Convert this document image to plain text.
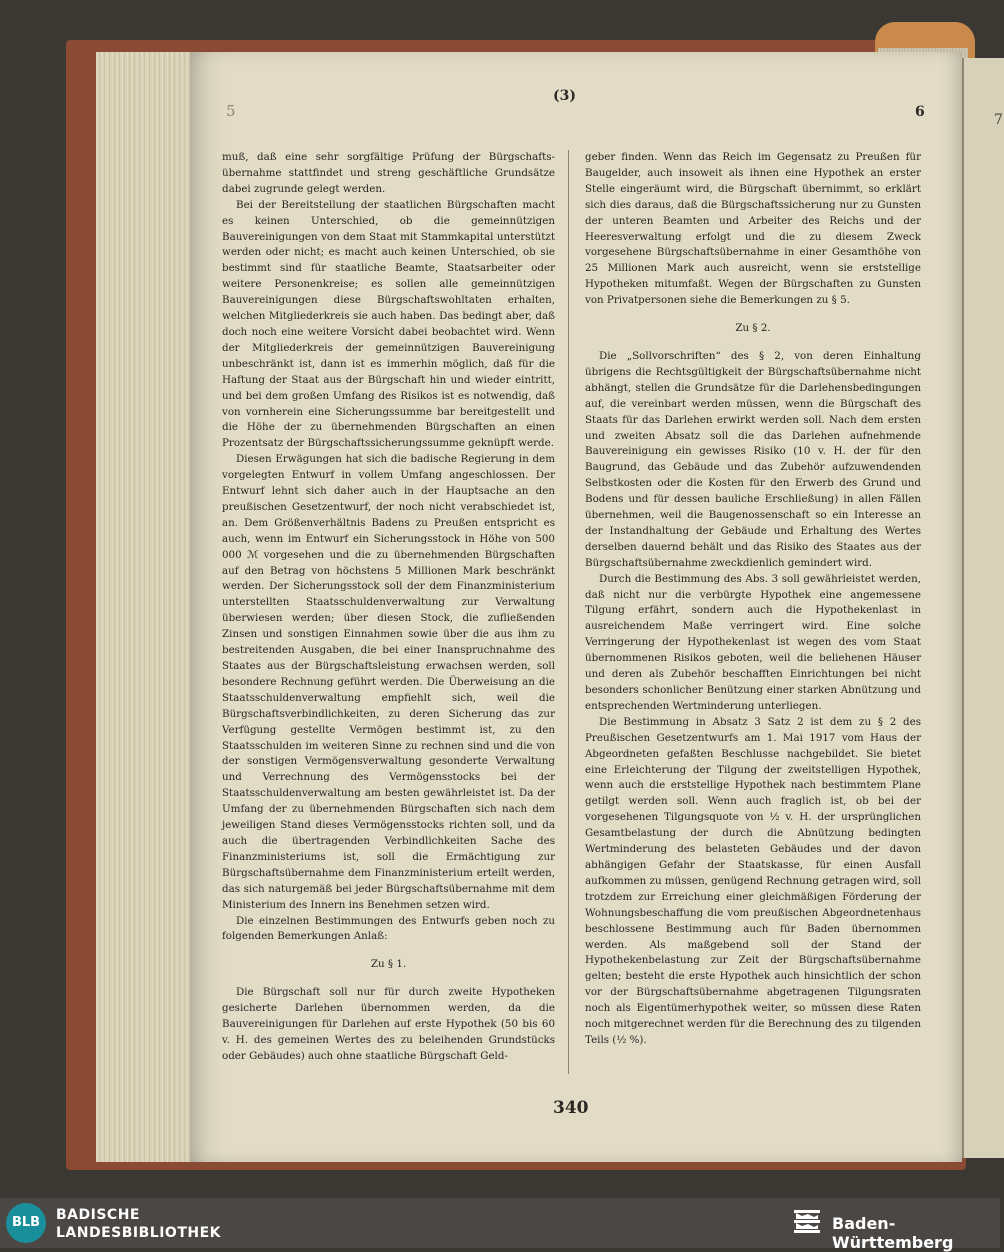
5
(3)
6	7

muß, daß eine sehr sorgfältige Prüfung der Bürgschafts-übernahme stattfindet und streng geschäftliche Grundsätze dabei zugrunde gelegt werden.

Bei der Bereitstellung der staatlichen Bürgschaften macht es keinen Unterschied, ob die gemeinnützigen Bauvereinigungen von dem Staat mit Stammkapital unterstützt werden oder nicht; es macht auch keinen Unterschied, ob sie bestimmt sind für staatliche Beamte, Staatsarbeiter oder weitere Personenkreise; es sollen alle gemeinnützigen Bauvereinigungen diese Bürgschaftswohltaten erhalten, welchen Mitgliederkreis sie auch haben. Das bedingt aber, daß doch noch eine weitere Vorsicht dabei beobachtet wird. Wenn der Mitgliederkreis der gemeinnützigen Bauvereinigung unbeschränkt ist, dann ist es immerhin möglich, daß für die Haftung der Staat aus der Bürgschaft hin und wieder eintritt, und bei dem großen Umfang des Risikos ist es notwendig, daß von vornherein eine Sicherungssumme bar bereitgestellt und die Höhe der zu übernehmenden Bürgschaften an einen Prozentsatz der Bürgschaftssicherungssumme geknüpft werde.

Diesen Erwägungen hat sich die badische Regierung in dem vorgelegten Entwurf in vollem Umfang angeschlossen. Der Entwurf lehnt sich daher auch in der Hauptsache an den preußischen Gesetzentwurf, der noch nicht verabschiedet ist, an. Dem Größenverhältnis Badens zu Preußen entspricht es auch, wenn im Entwurf ein Sicherungsstock in Höhe von 500 000 ℳ vorgesehen und die zu übernehmenden Bürgschaften auf den Betrag von höchstens 5 Millionen Mark beschränkt werden. Der Sicherungsstock soll der dem Finanzministerium unterstellten Staatsschuldenverwaltung zur Verwaltung überwiesen werden; über diesen Stock, die zufließenden Zinsen und sonstigen Einnahmen sowie über die aus ihm zu bestreitenden Ausgaben, die bei einer Inanspruchnahme des Staates aus der Bürgschaftsleistung erwachsen werden, soll besondere Rechnung geführt werden. Die Überweisung an die Staatsschuldenverwaltung empfiehlt sich, weil die Bürgschaftsverbindlichkeiten, zu deren Sicherung das zur Verfügung gestellte Vermögen bestimmt ist, zu den Staatsschulden im weiteren Sinne zu rechnen sind und die von der sonstigen Vermögensverwaltung gesonderte Verwaltung und Verrechnung des Vermögensstocks bei der Staatsschuldenverwaltung am besten gewährleistet ist. Da der Umfang der zu übernehmenden Bürgschaften sich nach dem jeweiligen Stand dieses Vermögensstocks richten soll, und da auch die übertragenden Verbindlichkeiten Sache des Finanzministeriums ist, soll die Ermächtigung zur Bürgschaftsübernahme dem Finanzministerium erteilt werden, das sich naturgemäß bei jeder Bürgschaftsübernahme mit dem Ministerium des Innern ins Benehmen setzen wird.

Die einzelnen Bestimmungen des Entwurfs geben noch zu folgenden Bemerkungen Anlaß:

Zu § 1.

Die Bürgschaft soll nur für durch zweite Hypotheken gesicherte Darlehen übernommen werden, da die Bauvereinigungen für Darlehen auf erste Hypothek (50 bis 60 v. H. des gemeinen Wertes des zu beleihenden Grundstücks oder Gebäudes) auch ohne staatliche Bürgschaft Geld-

geber finden. Wenn das Reich im Gegensatz zu Preußen für Baugelder, auch insoweit als ihnen eine Hypothek an erster Stelle eingeräumt wird, die Bürgschaft übernimmt, so erklärt sich dies daraus, daß die Bürgschaftssicherung nur zu Gunsten der unteren Beamten und Arbeiter des Reichs und der Heeresverwaltung erfolgt und die zu diesem Zweck vorgesehene Bürgschaftsübernahme in einer Gesamthöhe von 25 Millionen Mark auch ausreicht, wenn sie erststellige Hypotheken mitumfaßt. Wegen der Bürgschaften zu Gunsten von Privatpersonen siehe die Bemerkungen zu § 5.

Zu § 2.

Die „Sollvorschriften“ des § 2, von deren Einhaltung übrigens die Rechtsgültigkeit der Bürgschaftsübernahme nicht abhängt, stellen die Grundsätze für die Darlehensbedingungen auf, die vereinbart werden müssen, wenn die Bürgschaft des Staats für das Darlehen erwirkt werden soll. Nach dem ersten und zweiten Absatz soll die das Darlehen aufnehmende Bauvereinigung ein gewisses Risiko (10 v. H. der für den Baugrund, das Gebäude und das Zubehör aufzuwendenden Selbstkosten oder die Kosten für den Erwerb des Grund und Bodens und für dessen bauliche Erschließung) in allen Fällen übernehmen, weil die Baugenossenschaft so ein Interesse an der Instandhaltung der Gebäude und Erhaltung des Wertes derselben dauernd behält und das Risiko des Staates aus der Bürgschaftsübernahme zweckdienlich gemindert wird.

Durch die Bestimmung des Abs. 3 soll gewährleistet werden, daß nicht nur die verbürgte Hypothek eine angemessene Tilgung erfährt, sondern auch die Hypothekenlast in ausreichendem Maße verringert wird. Eine solche Verringerung der Hypothekenlast ist wegen des vom Staat übernommenen Risikos geboten, weil die beliehenen Häuser und deren als Zubehör beschafften Einrichtungen bei nicht besonders schonlicher Benützung einer starken Abnützung und entsprechenden Wertminderung unterliegen.

Die Bestimmung in Absatz 3 Satz 2 ist dem zu § 2 des Preußischen Gesetzentwurfs am 1. Mai 1917 vom Haus der Abgeordneten gefaßten Beschlusse nachgebildet. Sie bietet eine Erleichterung der Tilgung der zweitstelligen Hypothek, wenn auch die erststellige Hypothek nach bestimmtem Plane getilgt werden soll. Wenn auch fraglich ist, ob bei der vorgesehenen Tilgungsquote von ½ v. H. der ursprünglichen Gesamtbelastung der durch die Abnützung bedingten Wertminderung des belasteten Gebäudes und der davon abhängigen Gefahr der Staatskasse, für einen Ausfall aufkommen zu müssen, genügend Rechnung getragen wird, soll trotzdem zur Erreichung einer gleichmäßigen Förderung der Wohnungsbeschaffung die vom preußischen Abgeordnetenhaus beschlossene Bestimmung auch für Baden übernommen werden. Als maßgebend soll der Stand der Hypothekenbelastung zur Zeit der Bürgschaftsübernahme gelten; besteht die erste Hypothek auch hinsichtlich der schon vor der Bürgschaftsübernahme abgetragenen Tilgungsraten noch als Eigentümerhypothek weiter, so müssen diese Raten noch mitgerechnet werden für die Berechnung des zu tilgenden Teils (½ %).

340
BLB	BADISCHE
LANDESBIBLIOTHEK	Baden-Württemberg
